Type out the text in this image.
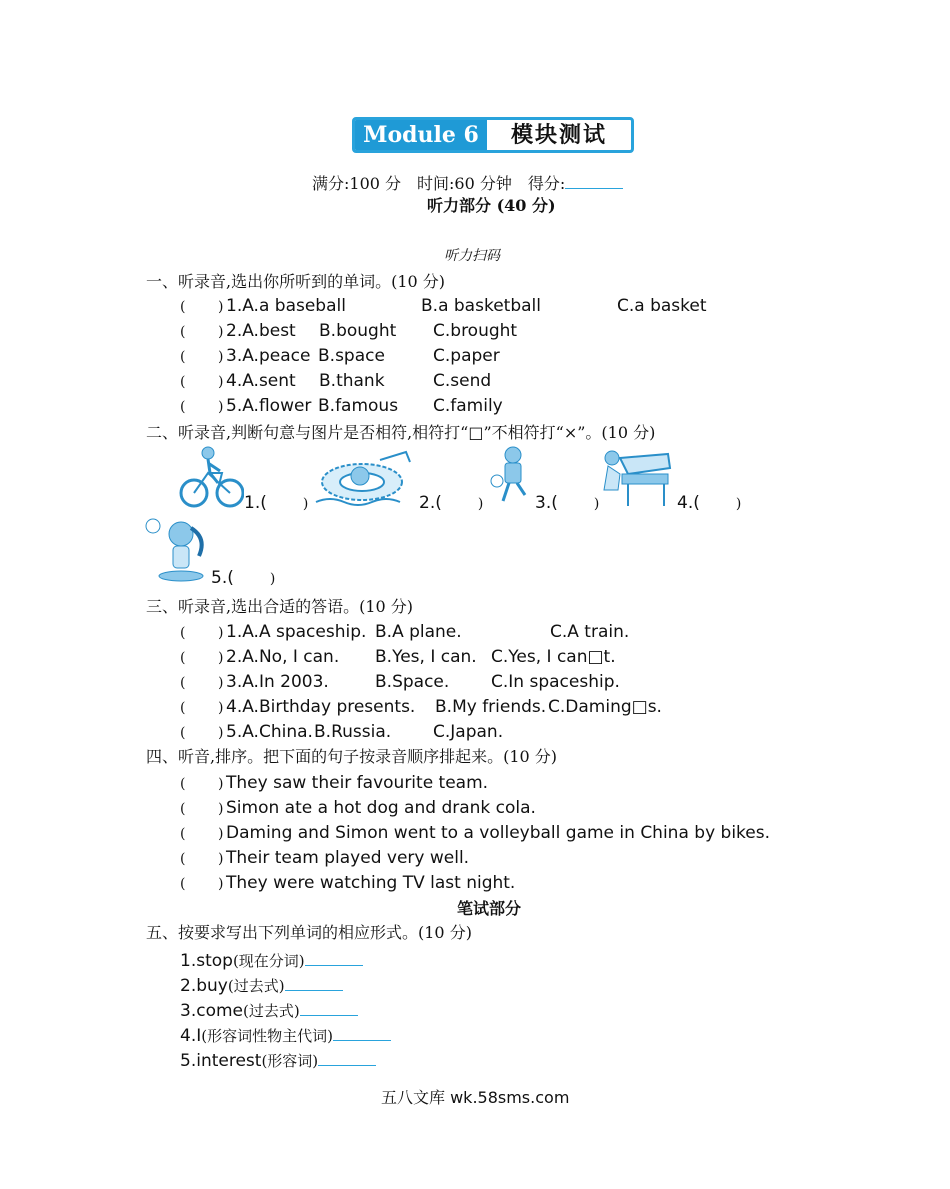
Module 6	模块测试
满分:100 分　时间:60 分钟　得分:
听力部分 (40 分)
听力扫码
一、听录音,选出你所听到的单词。(10 分)
( ) 1.A.a baseball	B.a basketball	C.a basket
( ) 2.A.best B.bought C.brought
( ) 3.A.peace B.space	C.paper
( ) 4.A.sent B.thank	C.send
( ) 5.A.flower B.famous C.family
二、听录音,判断句意与图片是否相符,相符打“□”不相符打“×”。(10 分)
1.(	)	2.(	)	3.(	)	4.(	)
5.(	)
三、听录音,选出合适的答语。(10 分)
( ) 1.A.A spaceship. B.A plane.	C.A train.
( ) 2.A.No, I can. B.Yes, I can. C.Yes, I can□t.
( ) 3.A.In 2003.	B.Space. C.In spaceship.
( ) 4.A.Birthday presents. B.My friends. C.Daming□s.
( ) 5.A.China. B.Russia. C.Japan.
四、听音,排序。把下面的句子按录音顺序排起来。(10 分)
( ) They saw their favourite team.
( ) Simon ate a hot dog and drank cola.
( ) Daming and Simon went to a volleyball game in China by bikes.
( ) Their team played very well.
( ) They were watching TV last night.
笔试部分
五、按要求写出下列单词的相应形式。(10 分)
1.stop(现在分词)
2.buy(过去式)
3.come(过去式)
4.I(形容词性物主代词)
5.interest(形容词)
五八文库 wk.58sms.com
